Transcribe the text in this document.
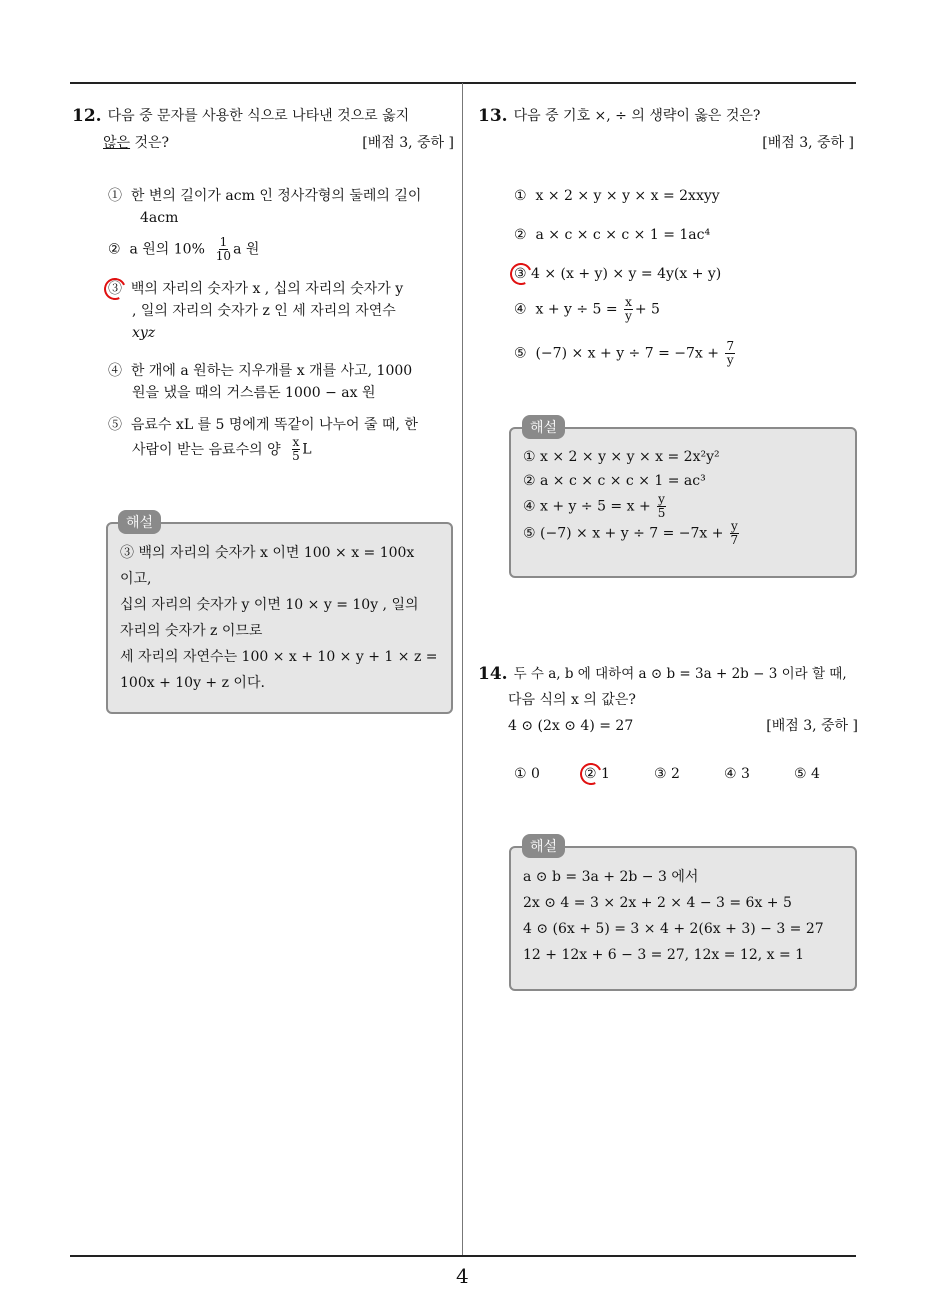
12. 다음 중 문자를 사용한 식으로 나타낸 것으로 옳지
않은 것은?	[배점 3, 중하 ]
① 한 변의 길이가 acm 인 정사각형의 둘레의 길이
4acm
② a 원의 $10\% \frac{1}{10}$ a 원
③ 백의 자리의 숫자가 x , 십의 자리의 숫자가 y
, 일의 자리의 숫자가 z 인 세 자리의 자연수
xyz
④ 한 개에 a 원하는 지우개를 x 개를 사고, 1000
원을 냈을 때의 거스름돈 1000 − ax 원
⑤ 음료수 xL 를 5 명에게 똑같이 나누어 줄 때, 한
사람이 받는 음료수의 양 $\frac{x}{5}$ L
③ 백의 자리의 숫자가 x 이면 100 × x = 100x
이고,
십의 자리의 숫자가 y 이면 10 × y = 10y , 일의
자리의 숫자가 z 이므로
세 자리의 자연수는 100 × x + 10 × y + 1 × z =
100x + 10y + z 이다.
해설
13. 다음 중 기호 ×, ÷ 의 생략이 옳은 것은?
[배점 3, 중하 ]
① x × 2 × y × y × x = 2xxyy
② a × c × c × c × 1 = 1ac⁴
③ 4 × (x + y) × y = 4y(x + y)
④ $x + y \div 5 = \frac{x}{y} + 5$
⑤ $(-7) \times x + y \div 7 = -7x + \frac{7}{y}$
① x × 2 × y × y × x = 2x²y²
② a × c × c × c × 1 = ac³
④ $x + y \div 5 = x + \frac{y}{5}$
⑤ $(-7) \times x + y \div 7 = -7x + \frac{y}{7}$
해설
14. 두 수 a, b 에 대하여 a ⊙ b = 3a + 2b − 3 이라 할 때,
다음 식의 x 의 값은?
4 ⊙ (2x ⊙ 4) = 27	[배점 3, 중하 ]
① 0	② 1	③ 2	④ 3	⑤ 4
a ⊙ b = 3a + 2b − 3 에서
2x ⊙ 4 = 3 × 2x + 2 × 4 − 3 = 6x + 5
4 ⊙ (6x + 5) = 3 × 4 + 2(6x + 3) − 3 = 27
12 + 12x + 6 − 3 = 27, 12x = 12, x = 1
해설
4
